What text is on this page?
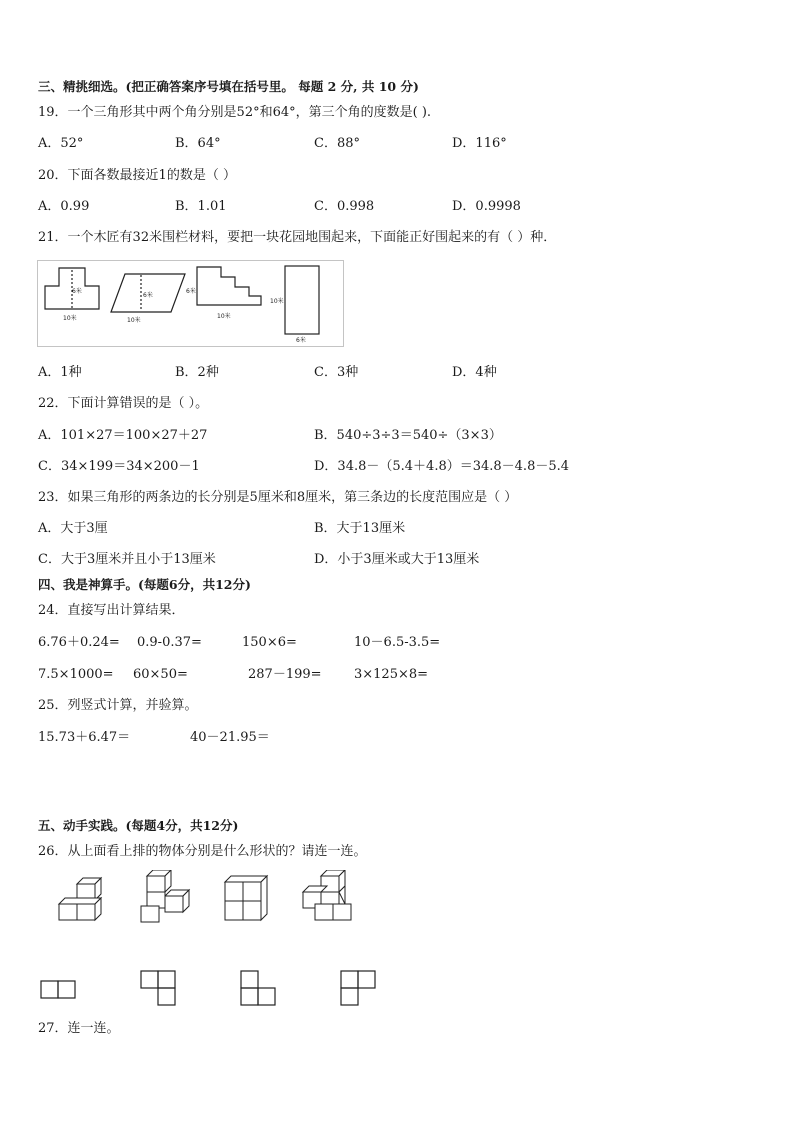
三、精挑细选。(把正确答案序号填在括号里。 每题 2 分, 共 10 分)
19．一个三角形其中两个角分别是52°和64°，第三个角的度数是( ).
A．52°	B．64°	C．88°	D．116°
20．下面各数最接近1的数是（ ）
A．0.99	B．1.01	C．0.998	D．0.9998
21．一个木匠有32米围栏材料，要把一块花园地围起来，下面能正好围起来的有（ ）种．
6米
10米
6米
10米
6米
10米
10米
6米
A．1种	B．2种	C．3种	D．4种
22．下面计算错误的是（ ）。
A．101×27＝100×27＋27	B．540÷3÷3＝540÷（3×3）
C．34×199＝34×200－1	D．34.8－（5.4＋4.8）＝34.8－4.8－5.4
23．如果三角形的两条边的长分别是5厘米和8厘米，第三条边的长度范围应是（ ）
A．大于3厘	B．大于13厘米
C．大于3厘米并且小于13厘米	D．小于3厘米或大于13厘米
四、我是神算手。(每题6分，共12分)
24．直接写出计算结果．
6.76＋0.24= 0.9-0.37=	150×6=	10－6.5-3.5=
7.5×1000= 60×50=	287－199= 3×125×8=
25．列竖式计算，并验算。
15.73＋6.47＝	40－21.95＝
五、动手实践。(每题4分，共12分)
26．从上面看上排的物体分别是什么形状的？请连一连。
27．连一连。
